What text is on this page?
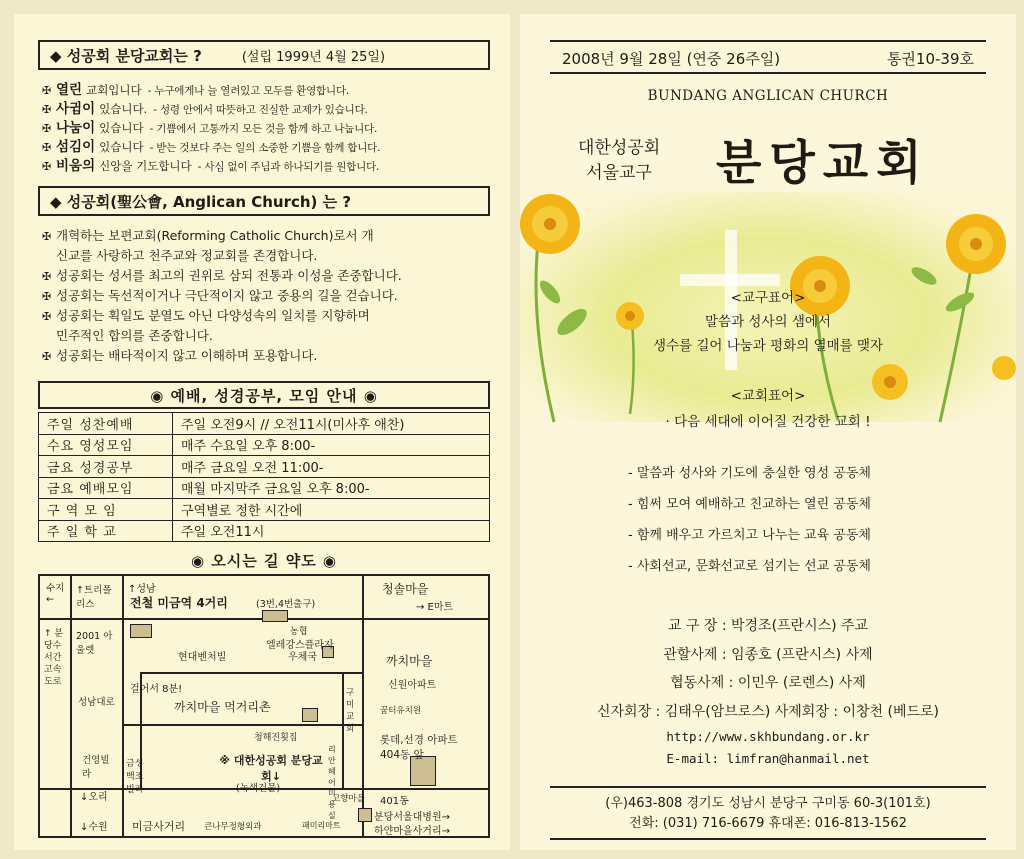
◆ 성공회 분당교회는 ?	(설립 1999년 4월 25일)
✠ 열린 교회입니다 - 누구에게나 늘 열려있고 모두를 환영합니다.
✠ 사귐이 있습니다. - 성령 안에서 따뜻하고 진실한 교제가 있습니다.
✠ 나눔이 있습니다 - 기쁨에서 고통까지 모든 것을 함께 하고 나눕니다.
✠ 섬김이 있습니다 - 받는 것보다 주는 일의 소중한 기쁨을 함께 합니다.
✠ 비움의 신앙을 기도합니다 - 사심 없이 주님과 하나되기를 원합니다.
◆ 성공회(聖公會, Anglican Church) 는 ?
✠ 개혁하는 보편교회(Reforming Catholic Church)로서 개
신교를 사랑하고 천주교와 정교회를 존경합니다.
✠ 성공회는 성서를 최고의 권위로 삼되 전통과 이성을 존중합니다.
✠ 성공회는 독선적이거나 극단적이지 않고 중용의 길을 걷습니다.
✠ 성공회는 획일도 분열도 아닌 다양성속의 일치를 지향하며
민주적인 합의를 존중합니다.
✠ 성공회는 배타적이지 않고 이해하며 포용합니다.
◉ 예배, 성경공부, 모임 안내 ◉
주일 성찬예배	주일 오전9시 // 오전11시(미사후 애찬)
수요 영성모임	매주 수요일 오후 8:00-
금요 성경공부	매주 금요일 오전 11:00-
금요 예배모임	매월 마지막주 금요일 오후 8:00-
구 역 모 임	구역별로 정한 시간에
주 일 학 교	주일 오전11시
◉ 오시는 길 약도 ◉
수지←
↑트리폴리스
↑성남
전철 미금역 4거리	(3번,4번출구)
청솔마을
→ E마트
↑ 분당수서간고속도로
2001 아울렛
현대벤처빌
농협
엘레강스플라자
우체국
걸어서 8분!
까치마을
신원아파트
성남대로	까치마을 먹거리촌
구미교회
꿈터유치원
청해진횟집	롯데,선경 아파트 404동 앞
건영빌라
금성백조빌라
※ 대한성공회 분당교회↓
(녹색건물)
리안헤어미용실
고향마을
↓오리	401동
↓수원 미금사거리 큰나무정형외과	패미리마트
분당서울대병원→
하얀마을사거리→
2008년 9월 28일 (연중 26주일)	통권10-39호
BUNDANG ANGLICAN CHURCH
대한성공회
서울교구 분당교회
<교구표어>
말씀과 성사의 샘에서
생수를 길어 나눔과 평화의 열매를 맺자
<교회표어>
· 다음 세대에 이어질 건강한 교회 !
- 말씀과 성사와 기도에 충실한 영성 공동체
- 힘써 모여 예배하고 친교하는 열린 공동체
- 함께 배우고 가르치고 나누는 교육 공동체
- 사회선교, 문화선교로 섬기는 선교 공동체
교 구 장 : 박경조(프란시스) 주교
관할사제 : 임종호 (프란시스) 사제
협동사제 : 이민우 (로렌스) 사제
신자회장 : 김태우(암브로스) 사제회장 : 이창천 (베드로)
http://www.skhbundang.or.kr
E-mail: limfran@hanmail.net
(우)463-808 경기도 성남시 분당구 구미동 60-3(101호)
전화: (031) 716-6679 휴대폰: 016-813-1562
